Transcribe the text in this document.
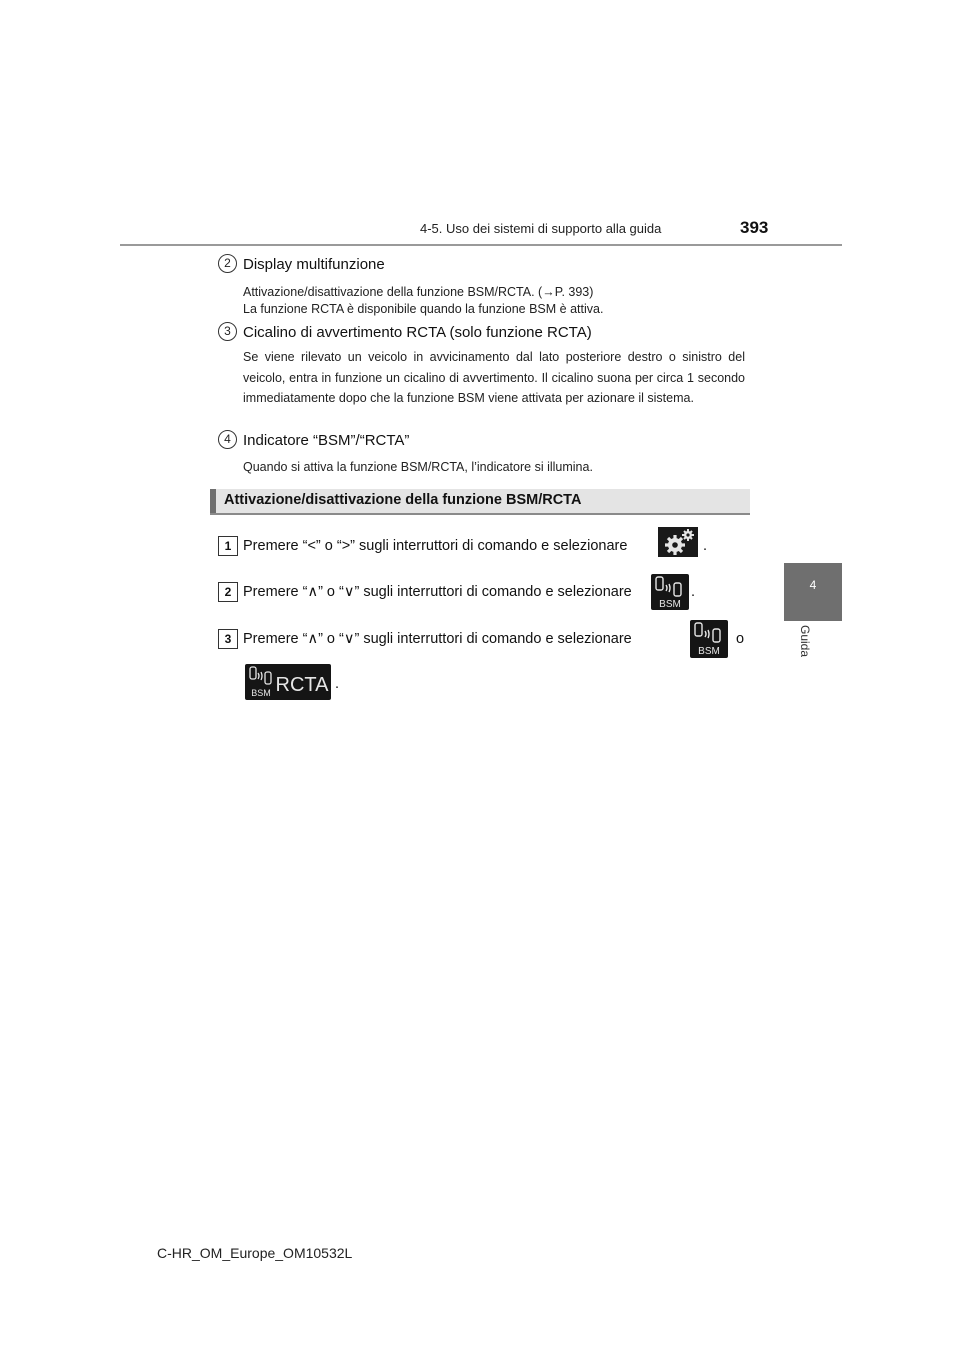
4-5. Uso dei sistemi di supporto alla guida	393
4
Guida
2 Display multifunzione
Attivazione/disattivazione della funzione BSM/RCTA. (→P. 393)
La funzione RCTA è disponibile quando la funzione BSM è attiva.
3 Cicalino di avvertimento RCTA (solo funzione RCTA)
Se viene rilevato un veicolo in avvicinamento dal lato posteriore destro o sinistro del veicolo, entra in funzione un cicalino di avvertimento. Il cicalino suona per circa 1 secondo immediatamente dopo che la funzione BSM viene attivata per azionare il sistema.
4 Indicatore “BSM”/“RCTA”
Quando si attiva la funzione BSM/RCTA, l’indicatore si illumina.
Attivazione/disattivazione della funzione BSM/RCTA
1 Premere “<” o “>” sugli interruttori di comando e selezionare	.
2 Premere “∧” o “∨” sugli interruttori di comando e selezionare
BSM
.
3 Premere “∧” o “∨” sugli interruttori di comando e selezionare
BSM
o
BSM RCTA .
C-HR_OM_Europe_OM10532L
